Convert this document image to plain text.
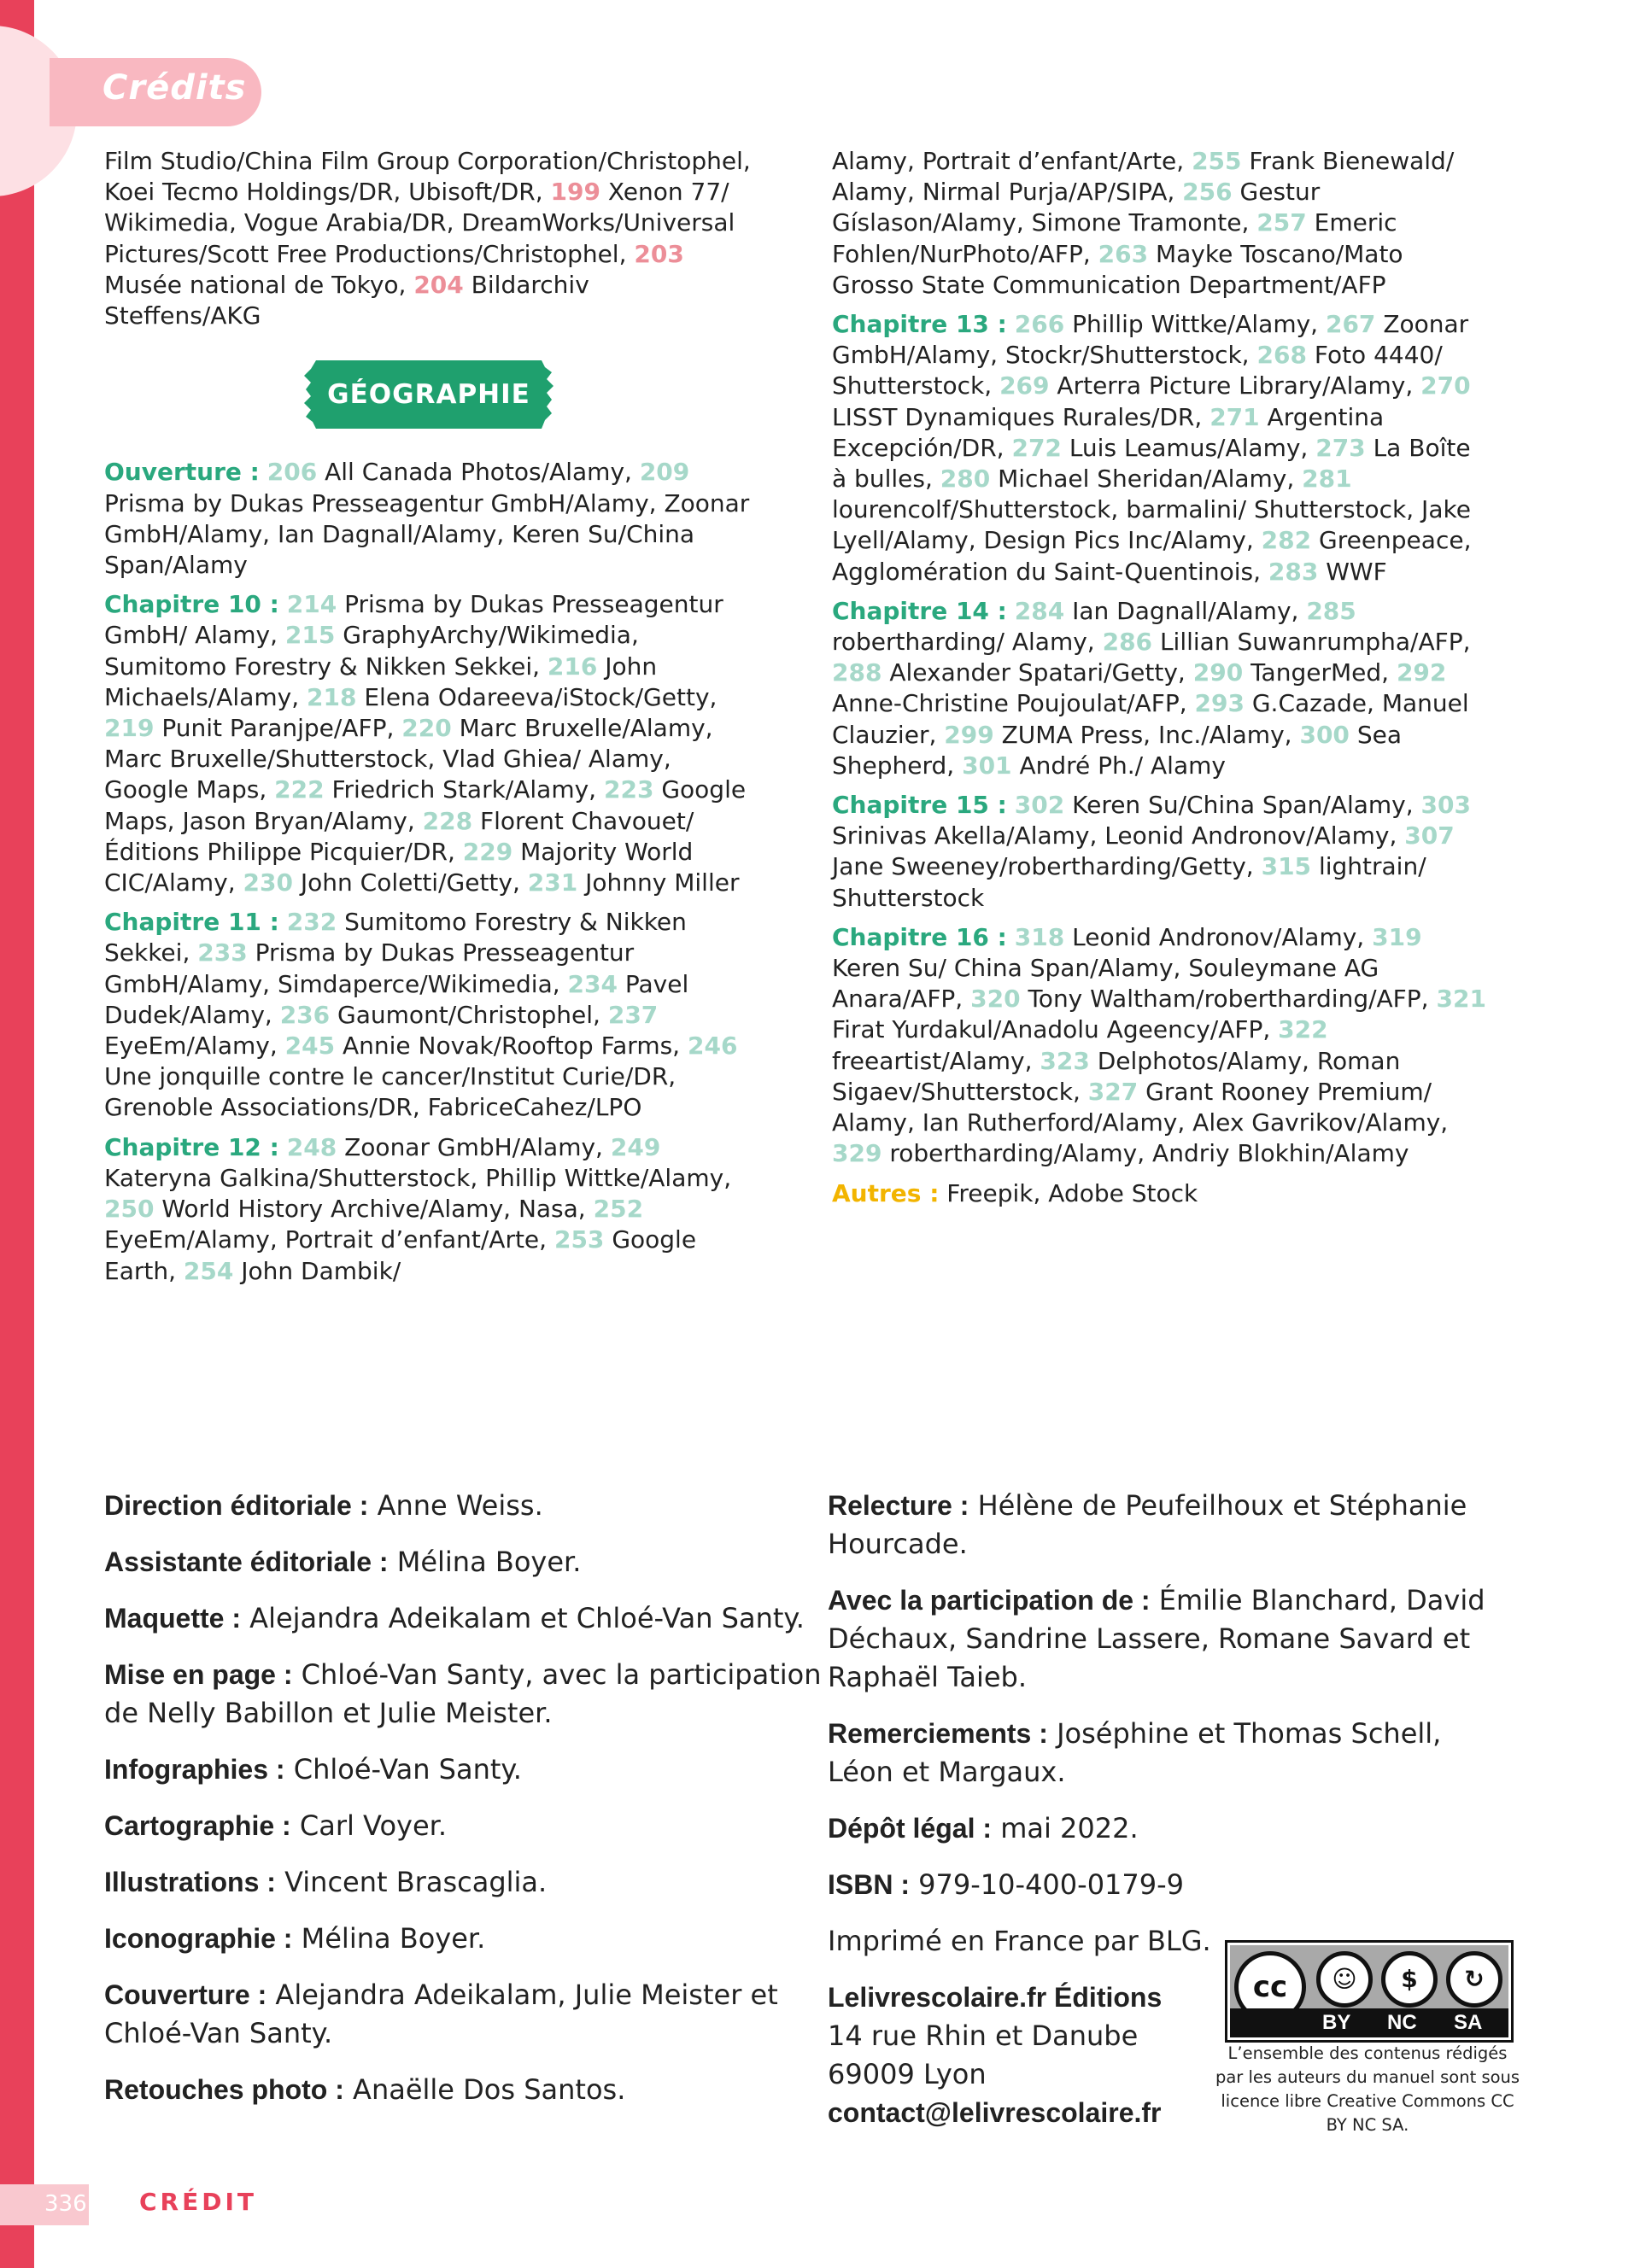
Crédits

Film Studio/China Film Group Corporation/Christophel, Koei Tecmo Holdings/DR, Ubisoft/DR, 199 Xenon 77/ Wikimedia, Vogue Arabia/DR, DreamWorks/Universal Pictures/Scott Free Productions/Christophel, 203 Musée national de Tokyo, 204 Bildarchiv Steffens/AKG

GÉOGRAPHIE

Ouverture : 206 All Canada Photos/Alamy, 209 Prisma by Dukas Presseagentur GmbH/Alamy, Zoonar GmbH/Alamy, Ian Dagnall/Alamy, Keren Su/China Span/Alamy

Chapitre 10 : 214 Prisma by Dukas Presseagentur GmbH/ Alamy, 215 GraphyArchy/Wikimedia, Sumitomo Forestry & Nikken Sekkei, 216 John Michaels/Alamy, 218 Elena Odareeva/iStock/Getty, 219 Punit Paranjpe/AFP, 220 Marc Bruxelle/Alamy, Marc Bruxelle/Shutterstock, Vlad Ghiea/ Alamy, Google Maps, 222 Friedrich Stark/Alamy, 223 Google Maps, Jason Bryan/Alamy, 228 Florent Chavouet/Éditions Philippe Picquier/DR, 229 Majority World CIC/Alamy, 230 John Coletti/Getty, 231 Johnny Miller

Chapitre 11 : 232 Sumitomo Forestry & Nikken Sekkei, 233 Prisma by Dukas Presseagentur GmbH/Alamy, Simdaperce/Wikimedia, 234 Pavel Dudek/Alamy, 236 Gaumont/Christophel, 237 EyeEm/Alamy, 245 Annie Novak/Rooftop Farms, 246 Une jonquille contre le cancer/Institut Curie/DR, Grenoble Associations/DR, FabriceCahez/LPO

Chapitre 12 : 248 Zoonar GmbH/Alamy, 249 Kateryna Galkina/Shutterstock, Phillip Wittke/Alamy, 250 World History Archive/Alamy, Nasa, 252 EyeEm/Alamy, Portrait d’enfant/Arte, 253 Google Earth, 254 John Dambik/

Alamy, Portrait d’enfant/Arte, 255 Frank Bienewald/ Alamy, Nirmal Purja/AP/SIPA, 256 Gestur Gíslason/Alamy, Simone Tramonte, 257 Emeric Fohlen/NurPhoto/AFP, 263 Mayke Toscano/Mato Grosso State Communication Department/AFP

Chapitre 13 : 266 Phillip Wittke/Alamy, 267 Zoonar GmbH/Alamy, Stockr/Shutterstock, 268 Foto 4440/ Shutterstock, 269 Arterra Picture Library/Alamy, 270 LISST Dynamiques Rurales/DR, 271 Argentina Excepción/DR, 272 Luis Leamus/Alamy, 273 La Boîte à bulles, 280 Michael Sheridan/Alamy, 281 lourencolf/Shutterstock, barmalini/ Shutterstock, Jake Lyell/Alamy, Design Pics Inc/Alamy, 282 Greenpeace, Agglomération du Saint-Quentinois, 283 WWF

Chapitre 14 : 284 Ian Dagnall/Alamy, 285 robertharding/ Alamy, 286 Lillian Suwanrumpha/AFP, 288 Alexander Spatari/Getty, 290 TangerMed, 292 Anne-Christine Poujoulat/AFP, 293 G.Cazade, Manuel Clauzier, 299 ZUMA Press, Inc./Alamy, 300 Sea Shepherd, 301 André Ph./ Alamy

Chapitre 15 : 302 Keren Su/China Span/Alamy, 303 Srinivas Akella/Alamy, Leonid Andronov/Alamy, 307 Jane Sweeney/robertharding/Getty, 315 lightrain/ Shutterstock

Chapitre 16 : 318 Leonid Andronov/Alamy, 319 Keren Su/ China Span/Alamy, Souleymane AG Anara/AFP, 320 Tony Waltham/robertharding/AFP, 321 Firat Yurdakul/Anadolu Ageency/AFP, 322 freeartist/Alamy, 323 Delphotos/Alamy, Roman Sigaev/Shutterstock, 327 Grant Rooney Premium/ Alamy, Ian Rutherford/Alamy, Alex Gavrikov/Alamy, 329 robertharding/Alamy, Andriy Blokhin/Alamy

Autres : Freepik, Adobe Stock

Direction éditoriale : Anne Weiss.

Assistante éditoriale : Mélina Boyer.

Maquette : Alejandra Adeikalam et Chloé-Van Santy.

Mise en page : Chloé-Van Santy, avec la participation de Nelly Babillon et Julie Meister.

Infographies : Chloé-Van Santy.

Cartographie : Carl Voyer.

Illustrations : Vincent Brascaglia.

Iconographie : Mélina Boyer.

Couverture : Alejandra Adeikalam, Julie Meister et Chloé-Van Santy.

Retouches photo : Anaëlle Dos Santos.

Relecture : Hélène de Peufeilhoux et Stéphanie Hourcade.

Avec la participation de : Émilie Blanchard, David Déchaux, Sandrine Lassere, Romane Savard et Raphaël Taieb.

Remerciements : Joséphine et Thomas Schell, Léon et Margaux.

Dépôt légal : mai 2022.

ISBN : 979-10-400-0179-9

Imprimé en France par BLG.

Lelivrescolaire.fr Éditions
14 rue Rhin et Danube
69009 Lyon
contact@lelivrescolaire.fr
cc	☺	$	↻
BY NC SA
L’ensemble des contenus rédigés par les auteurs du manuel sont sous licence libre Creative Commons CC BY NC SA.
336 CRÉDIT
